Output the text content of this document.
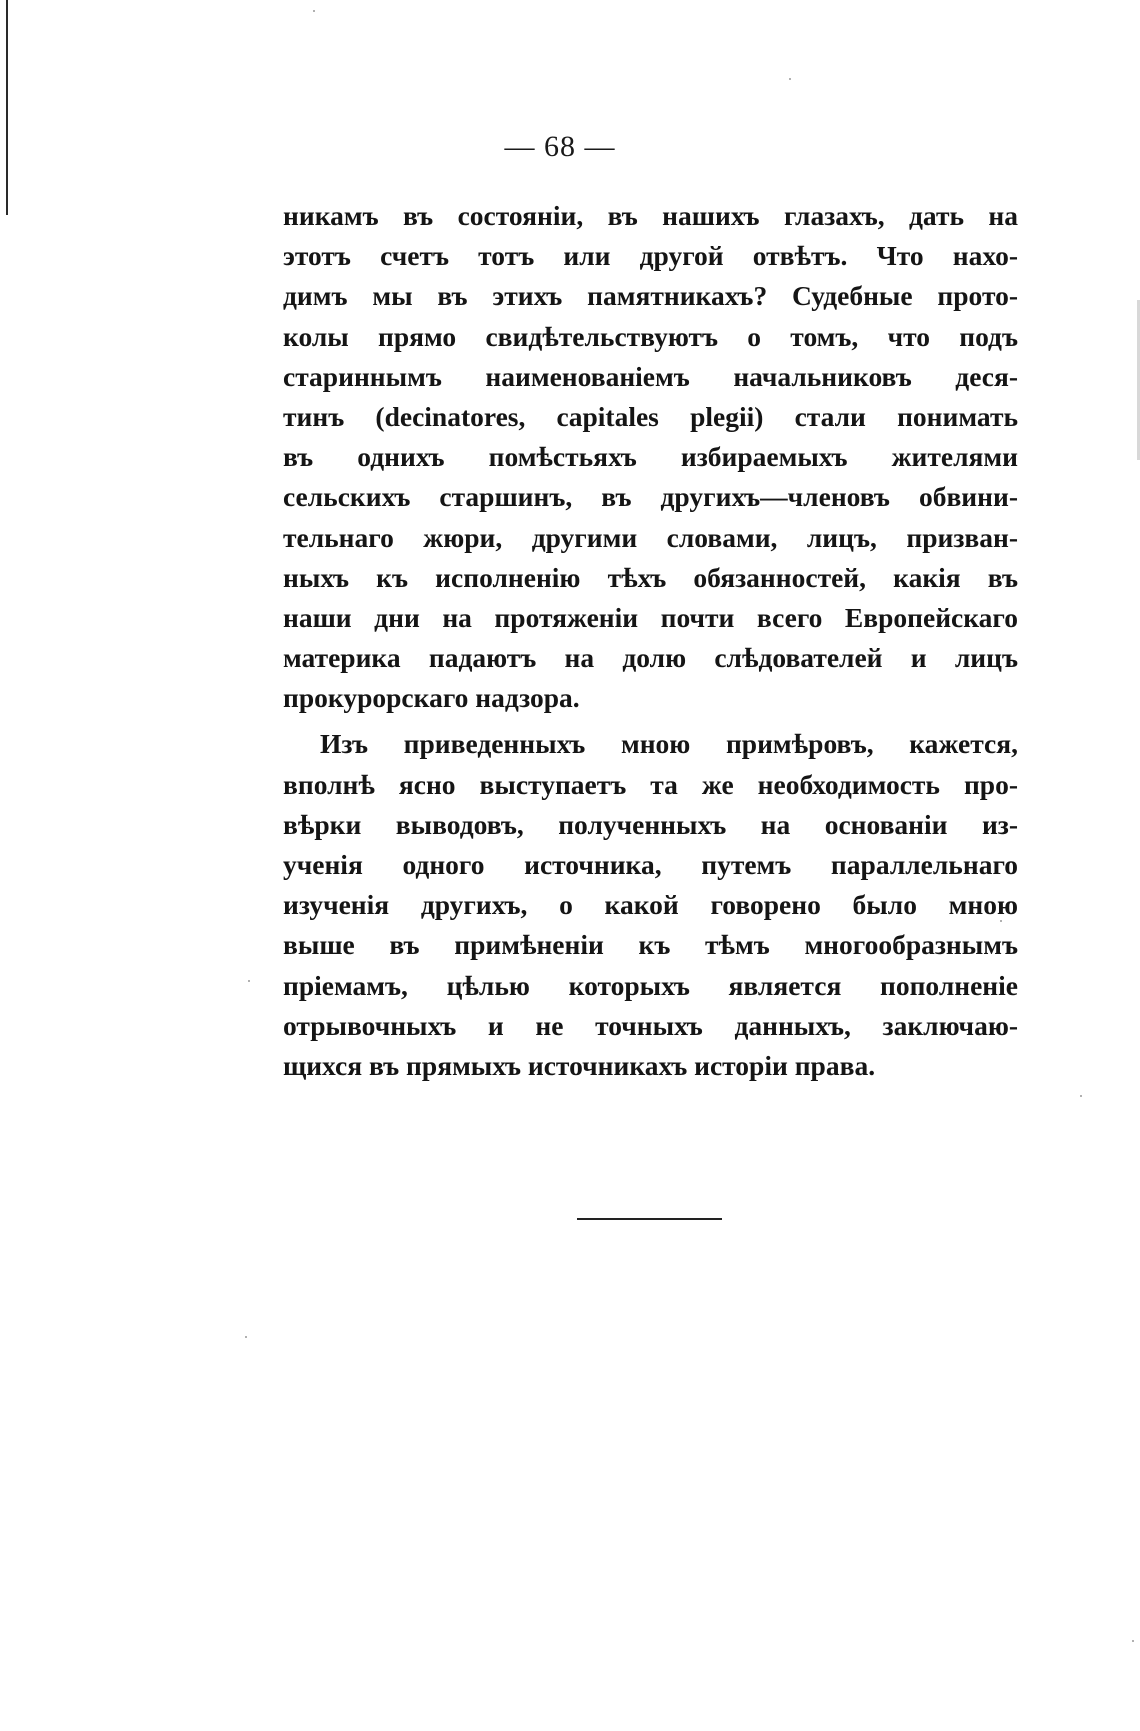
— 68 —
никамъ въ состояніи, въ нашихъ глазахъ, дать на
этотъ счетъ тотъ или другой отвѣтъ. Что нахо-
димъ мы въ этихъ памятникахъ? Судебные прото-
колы прямо свидѣтельствуютъ о томъ, что подъ
стариннымъ наименованіемъ начальниковъ деся-
тинъ (decinatores, capitales plegii) стали понимать
въ однихъ помѣстьяхъ избираемыхъ жителями
сельскихъ старшинъ, въ другихъ—членовъ обвини-
тельнаго жюри, другими словами, лицъ, призван-
ныхъ къ исполненію тѣхъ обязанностей, какія въ
наши дни на протяженіи почти всего Европейскаго
материка падаютъ на долю слѣдователей и лицъ
прокурорскаго надзора.
Изъ приведенныхъ мною примѣровъ, кажется,
вполнѣ ясно выступаетъ та же необходимость про-
вѣрки выводовъ, полученныхъ на основаніи из-
ученія одного источника, путемъ параллельнаго
изученія другихъ, о какой говорено было мною
выше въ примѣненіи къ тѣмъ многообразнымъ
пріемамъ, цѣлью которыхъ является пополненіе
отрывочныхъ и не точныхъ данныхъ, заключаю-
щихся въ прямыхъ источникахъ исторіи права.
